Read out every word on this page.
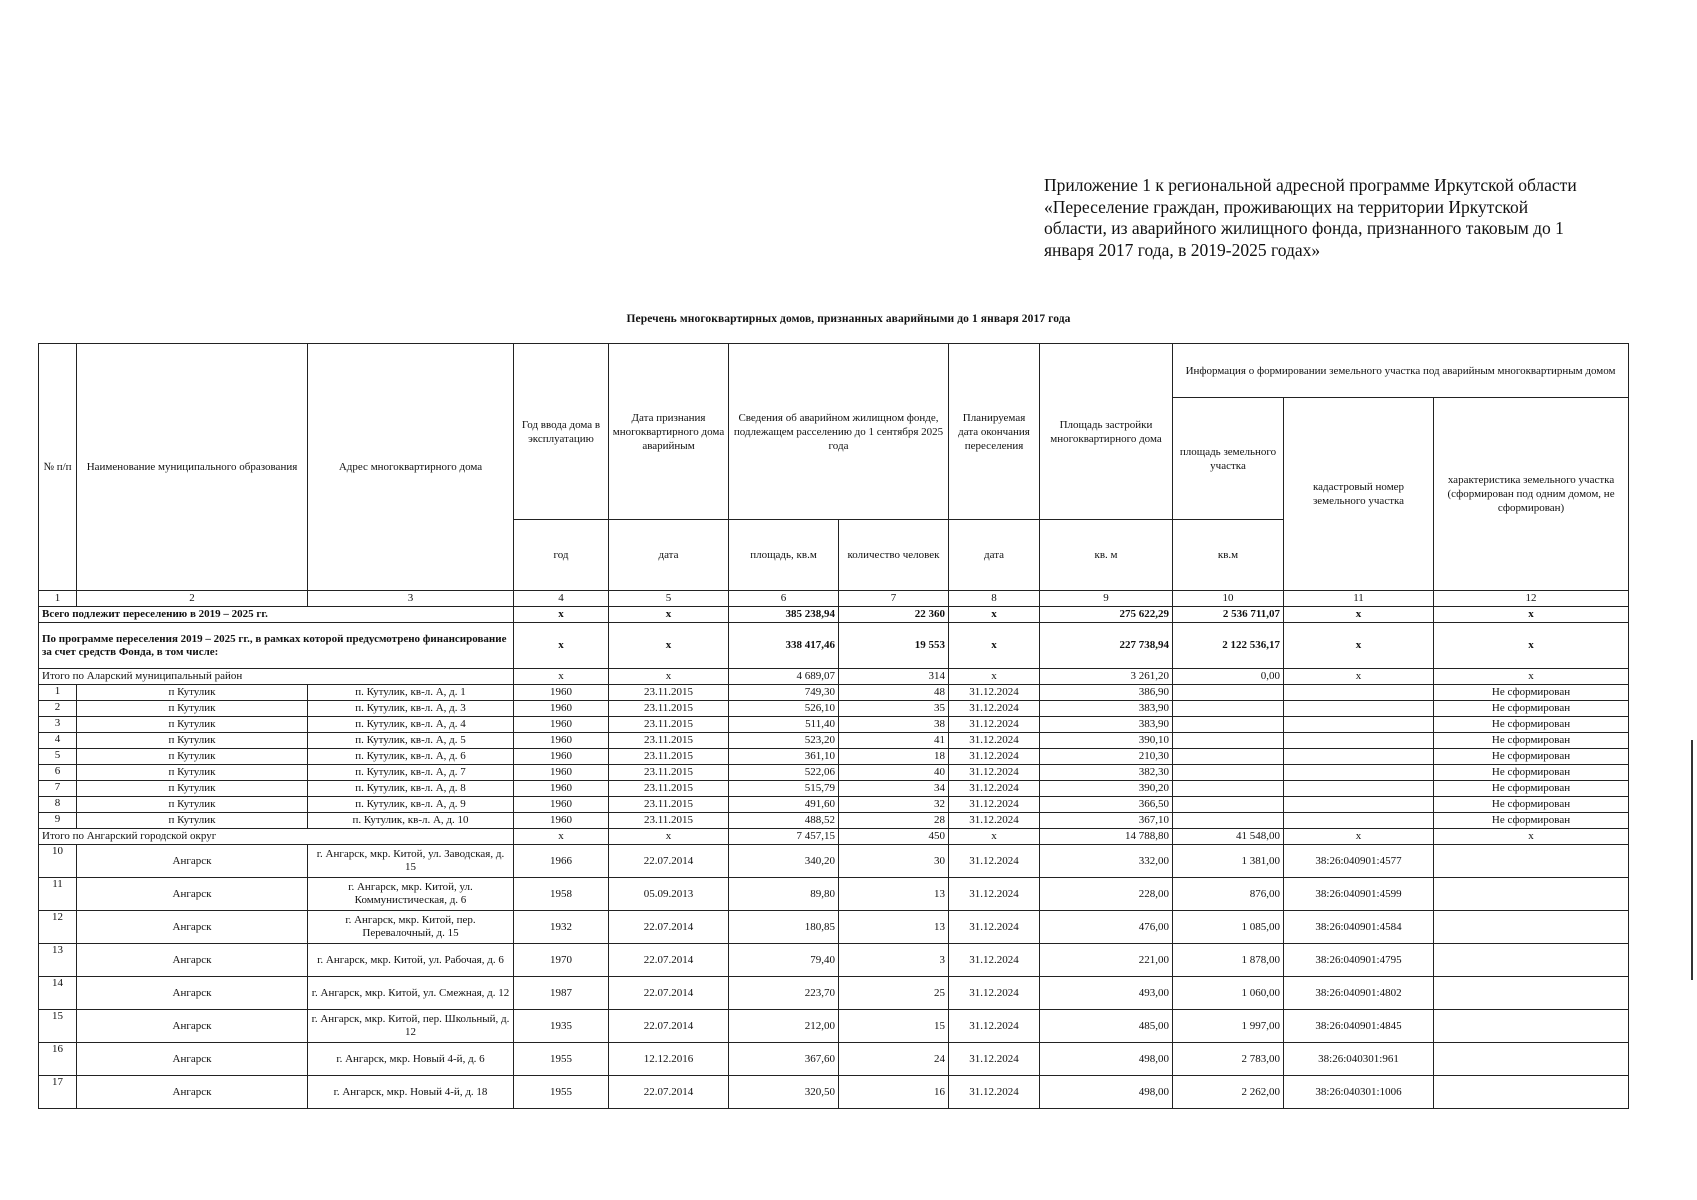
Приложение 1 к региональной адресной программе Иркутской области
«Переселение граждан, проживающих на территории Иркутской
области, из аварийного жилищного фонда, признанного таковым до 1
января 2017 года, в 2019-2025 годах»
Перечень многоквартирных домов, признанных аварийными до 1 января 2017 года
№ п/п	Наименование муниципального образования	Адрес многоквартирного дома	Год ввода дома в эксплуатацию	Дата признания многоквартирного дома аварийным	Сведения об аварийном жилищном фонде, подлежащем расселению до 1 сентября 2025 года		Планируемая дата окончания переселения	Площадь застройки многоквартирного дома	Информация о формировании земельного участка под аварийным многоквартирным домом		
									площадь земельного участка	кадастровый номер земельного участка	характеристика земельного участка (сформирован под одним домом, не сформирован)
			год	дата	площадь, кв.м	количество человек	дата	кв. м	кв.м		
1	2	3	4	5	6	7	8	9	10	11	12
Всего подлежит переселению в 2019 – 2025 гг.			х	х	385 238,94	22 360	х	275 622,29	2 536 711,07	х	х
По программе переселения 2019 – 2025 гг., в рамках которой предусмотрено финансирование за счет средств Фонда, в том числе:			х	х	338 417,46	19 553	х	227 738,94	2 122 536,17	х	х
Итого по Аларский муниципальный район			х	х	4 689,07	314	х	3 261,20	0,00	х	х
1	п Кутулик	п. Кутулик, кв-л. А, д. 1	1960	23.11.2015	749,30	48	31.12.2024	386,90			Не сформирован
2	п Кутулик	п. Кутулик, кв-л. А, д. 3	1960	23.11.2015	526,10	35	31.12.2024	383,90			Не сформирован
3	п Кутулик	п. Кутулик, кв-л. А, д. 4	1960	23.11.2015	511,40	38	31.12.2024	383,90			Не сформирован
4	п Кутулик	п. Кутулик, кв-л. А, д. 5	1960	23.11.2015	523,20	41	31.12.2024	390,10			Не сформирован
5	п Кутулик	п. Кутулик, кв-л. А, д. 6	1960	23.11.2015	361,10	18	31.12.2024	210,30			Не сформирован
6	п Кутулик	п. Кутулик, кв-л. А, д. 7	1960	23.11.2015	522,06	40	31.12.2024	382,30			Не сформирован
7	п Кутулик	п. Кутулик, кв-л. А, д. 8	1960	23.11.2015	515,79	34	31.12.2024	390,20			Не сформирован
8	п Кутулик	п. Кутулик, кв-л. А, д. 9	1960	23.11.2015	491,60	32	31.12.2024	366,50			Не сформирован
9	п Кутулик	п. Кутулик, кв-л. А, д. 10	1960	23.11.2015	488,52	28	31.12.2024	367,10			Не сформирован
Итого по Ангарский городской округ			х	х	7 457,15	450	х	14 788,80	41 548,00	х	х
10	Ангарск	г. Ангарск, мкр. Китой, ул. Заводская, д. 15	1966	22.07.2014	340,20	30	31.12.2024	332,00	1 381,00	38:26:040901:4577	
11	Ангарск	г. Ангарск, мкр. Китой, ул. Коммунистическая, д. 6	1958	05.09.2013	89,80	13	31.12.2024	228,00	876,00	38:26:040901:4599	
12	Ангарск	г. Ангарск, мкр. Китой, пер. Перевалочный, д. 15	1932	22.07.2014	180,85	13	31.12.2024	476,00	1 085,00	38:26:040901:4584	
13	Ангарск	г. Ангарск, мкр. Китой, ул. Рабочая, д. 6	1970	22.07.2014	79,40	3	31.12.2024	221,00	1 878,00	38:26:040901:4795	
14	Ангарск	г. Ангарск, мкр. Китой, ул. Смежная, д. 12	1987	22.07.2014	223,70	25	31.12.2024	493,00	1 060,00	38:26:040901:4802	
15	Ангарск	г. Ангарск, мкр. Китой, пер. Школьный, д. 12	1935	22.07.2014	212,00	15	31.12.2024	485,00	1 997,00	38:26:040901:4845	
16	Ангарск	г. Ангарск, мкр. Новый 4-й, д. 6	1955	12.12.2016	367,60	24	31.12.2024	498,00	2 783,00	38:26:040301:961	
17	Ангарск	г. Ангарск, мкр. Новый 4-й, д. 18	1955	22.07.2014	320,50	16	31.12.2024	498,00	2 262,00	38:26:040301:1006	
